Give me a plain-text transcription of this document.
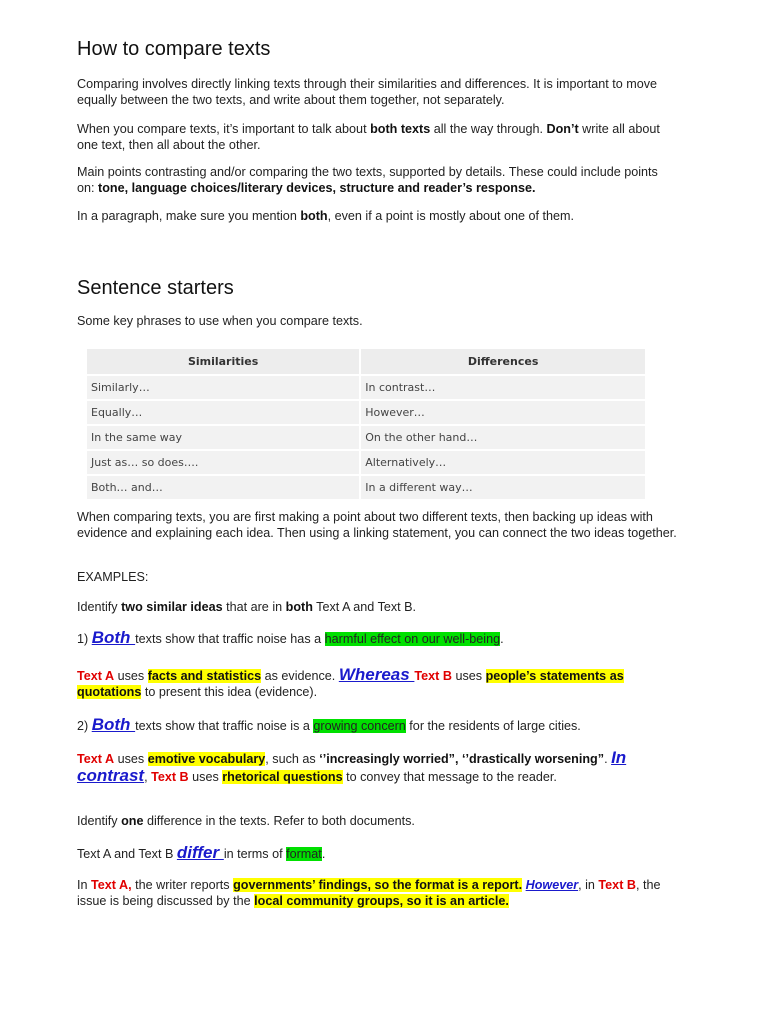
How to compare texts

Comparing involves directly linking texts through their similarities and differences. It is important to move equally between the two texts, and write about them together, not separately.

When you compare texts, it’s important to talk about both texts all the way through. Don’t write all about one text, then all about the other.

Main points contrasting and/or comparing the two texts, supported by details. These could include points on: tone, language choices/literary devices, structure and reader’s response.

In a paragraph, make sure you mention both, even if a point is mostly about one of them.

Sentence starters

Some key phrases to use when you compare texts.

Similarities	Differences
Similarly…	In contrast…
Equally…	However…
In the same way	On the other hand…
Just as… so does….	Alternatively…
Both… and…	In a different way…

When comparing texts, you are first making a point about two different texts, then backing up ideas with evidence and explaining each idea. Then using a linking statement, you can connect the two ideas together.

EXAMPLES:

Identify two similar ideas that are in both Text A and Text B.

1) Both texts show that traffic noise has a harmful effect on our well-being.

Text A uses facts and statistics as evidence. Whereas Text B uses people’s statements as quotations to present this idea (evidence).

2) Both texts show that traffic noise is a growing concern for the residents of large cities.

Text A uses emotive vocabulary, such as ‘’increasingly worried”, ‘’drastically worsening”. In contrast, Text B uses rhetorical questions to convey that message to the reader.

Identify one difference in the texts. Refer to both documents.

Text A and Text B differ in terms of format.

In Text A, the writer reports governments’ findings, so the format is a report. However, in Text B, the issue is being discussed by the local community groups, so it is an article.
